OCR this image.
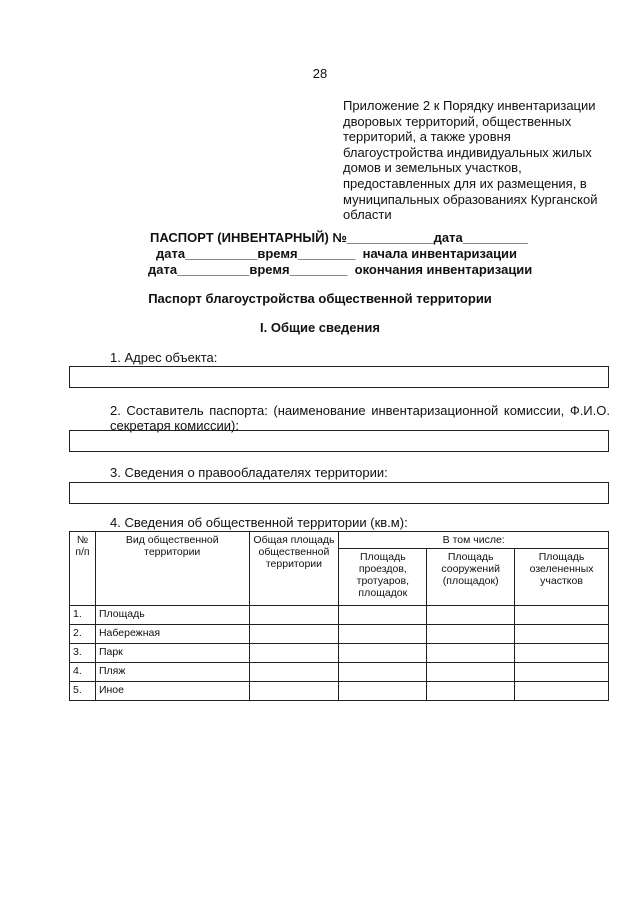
28
Приложение 2 к Порядку инвентаризации
дворовых территорий, общественных
территорий, а также уровня
благоустройства индивидуальных жилых
домов и земельных участков,
предоставленных для их размещения, в
муниципальных образованиях Курганской
области
ПАСПОРТ (ИНВЕНТАРНЫЙ) №____________дата_________
дата__________время________  начала инвентаризации
дата__________время________  окончания инвентаризации
Паспорт благоустройства общественной территории
I. Общие сведения
1. Адрес объекта:
2. Составитель паспорта: (наименование инвентаризационной комиссии, Ф.И.О. секретаря комиссии):
3. Сведения о правообладателях территории:
4. Сведения об общественной территории (кв.м):
№ п/п	Вид общественной территории	Общая площадь общественной территории	В том числе:		
			Площадь проездов, тротуаров, площадок	Площадь сооружений (площадок)	Площадь озелененных участков
1.	Площадь				
2.	Набережная				
3.	Парк				
4.	Пляж				
5.	Иное				
